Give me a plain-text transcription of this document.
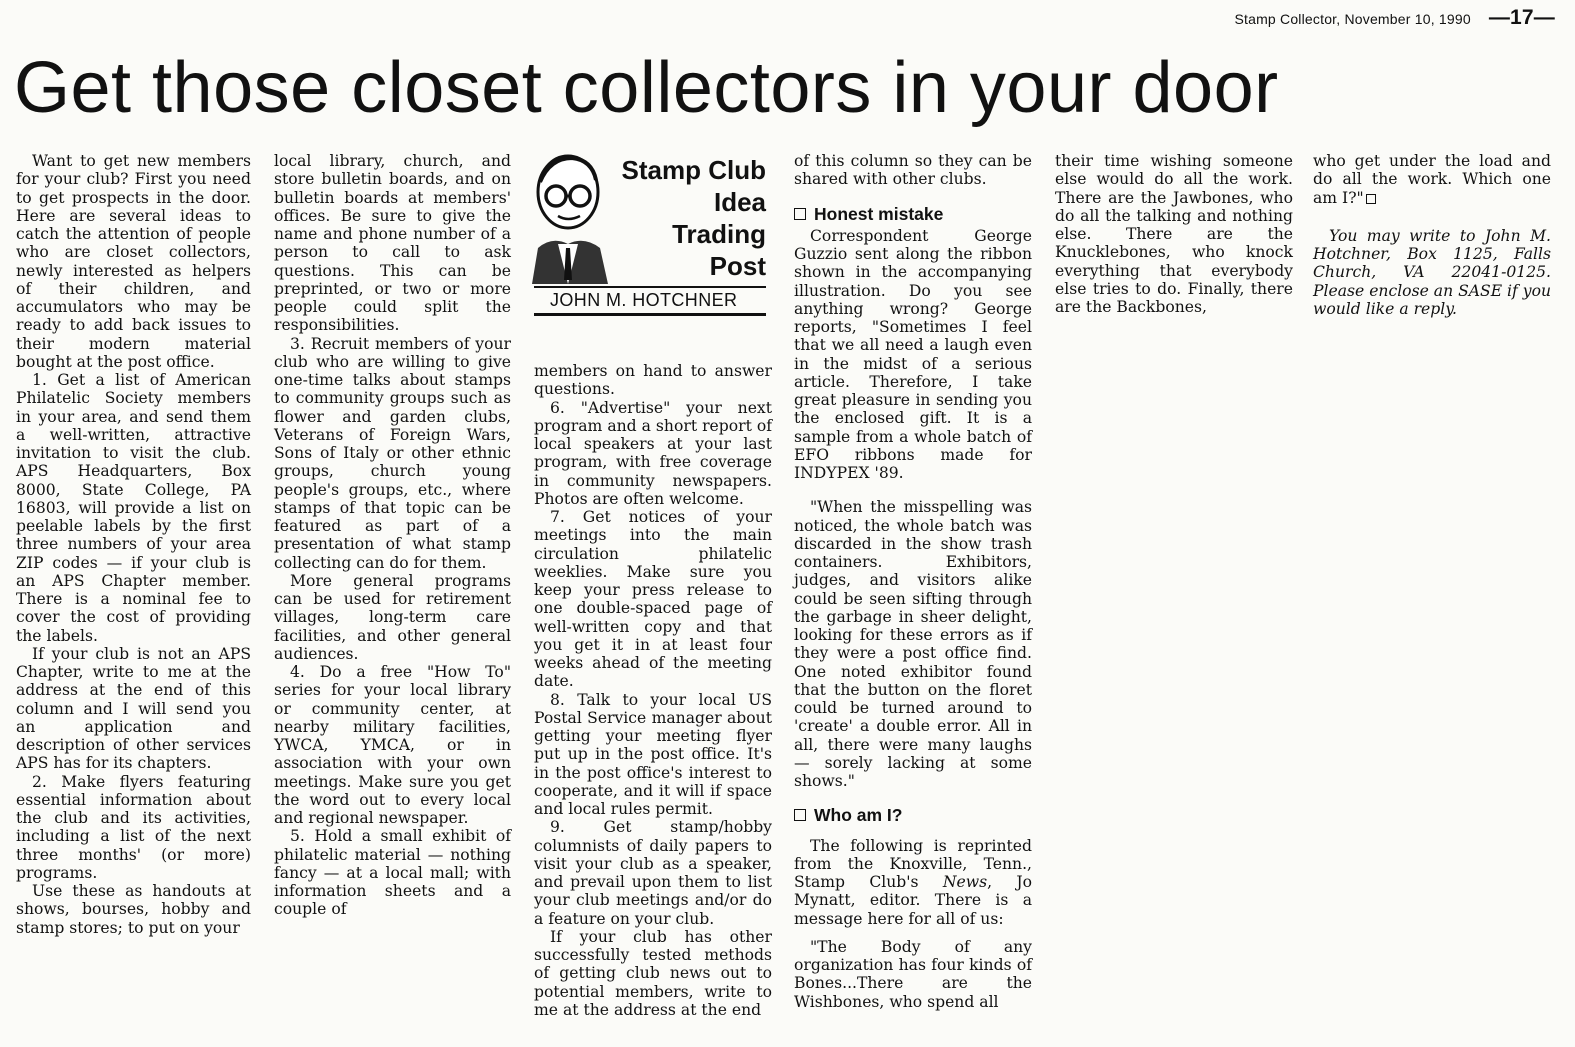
Stamp Collector, November 10, 1990 —17—
Get those closet collectors in your door

Want to get new members for your club? First you need to get prospects in the door. Here are several ideas to catch the attention of people who are closet collectors, newly interested as helpers of their children, and accumulators who may be ready to add back issues to their modern material bought at the post office.

1. Get a list of American Philatelic Society members in your area, and send them a well-written, attractive invitation to visit the club. APS Headquarters, Box 8000, State College, PA 16803, will provide a list on peelable labels by the first three numbers of your area ZIP codes — if your club is an APS Chapter member. There is a nominal fee to cover the cost of providing the labels.

If your club is not an APS Chapter, write to me at the address at the end of this column and I will send you an application and description of other services APS has for its chapters.

2. Make flyers featuring essential information about the club and its activities, including a list of the next three months' (or more) programs.

Use these as handouts at shows, bourses, hobby and stamp stores; to put on your

local library, church, and store bulletin boards, and on bulletin boards at members' offices. Be sure to give the name and phone number of a person to call to ask questions. This can be preprinted, or two or more people could split the responsibilities.

3. Recruit members of your club who are willing to give one-time talks about stamps to community groups such as flower and garden clubs, Veterans of Foreign Wars, Sons of Italy or other ethnic groups, church young people's groups, etc., where stamps of that topic can be featured as part of a presentation of what stamp collecting can do for them.

More general programs can be used for retirement villages, long-term care facilities, and other general audiences.

4. Do a free "How To" series for your local library or community center, at nearby military facilities, YWCA, YMCA, or in association with your own meetings. Make sure you get the word out to every local and regional newspaper.

5. Hold a small exhibit of philatelic material — nothing fancy — at a local mall; with information sheets and a couple of

Stamp Club
Idea
Trading
Post
JOHN M. HOTCHNER

members on hand to answer questions.

6. "Advertise" your next program and a short report of local speakers at your last program, with free coverage in community newspapers. Photos are often welcome.

7. Get notices of your meetings into the main circulation philatelic weeklies. Make sure you keep your press release to one double-spaced page of well-written copy and that you get it in at least four weeks ahead of the meeting date.

8. Talk to your local US Postal Service manager about getting your meeting flyer put up in the post office. It's in the post office's interest to cooperate, and it will if space and local rules permit.

9. Get stamp/hobby columnists of daily papers to visit your club as a speaker, and prevail upon them to list your club meetings and/or do a feature on your club.

If your club has other successfully tested methods of getting club news out to potential members, write to me at the address at the end

of this column so they can be shared with other clubs.

Honest mistake

Correspondent George Guzzio sent along the ribbon shown in the accompanying illustration. Do you see anything wrong? George reports, "Sometimes I feel that we all need a laugh even in the midst of a serious article. Therefore, I take great pleasure in sending you the enclosed gift. It is a sample from a whole batch of EFO ribbons made for INDYPEX '89.

"When the misspelling was noticed, the whole batch was discarded in the show trash containers. Exhibitors, judges, and visitors alike could be seen sifting through the garbage in sheer delight, looking for these errors as if they were a post office find. One noted exhibitor found that the button on the floret could be turned around to 'create' a double error. All in all, there were many laughs — sorely lacking at some shows."

Who am I?

The following is reprinted from the Knoxville, Tenn., Stamp Club's News, Jo Mynatt, editor. There is a message here for all of us:

"The Body of any organization has four kinds of Bones...There are the Wishbones, who spend all

their time wishing someone else would do all the work. There are the Jawbones, who do all the talking and nothing else. There are the Knucklebones, who knock everything that everybody else tries to do. Finally, there are the Backbones,

who get under the load and do all the work. Which one am I?"

You may write to John M. Hotchner, Box 1125, Falls Church, VA 22041-0125. Please enclose an SASE if you would like a reply.
